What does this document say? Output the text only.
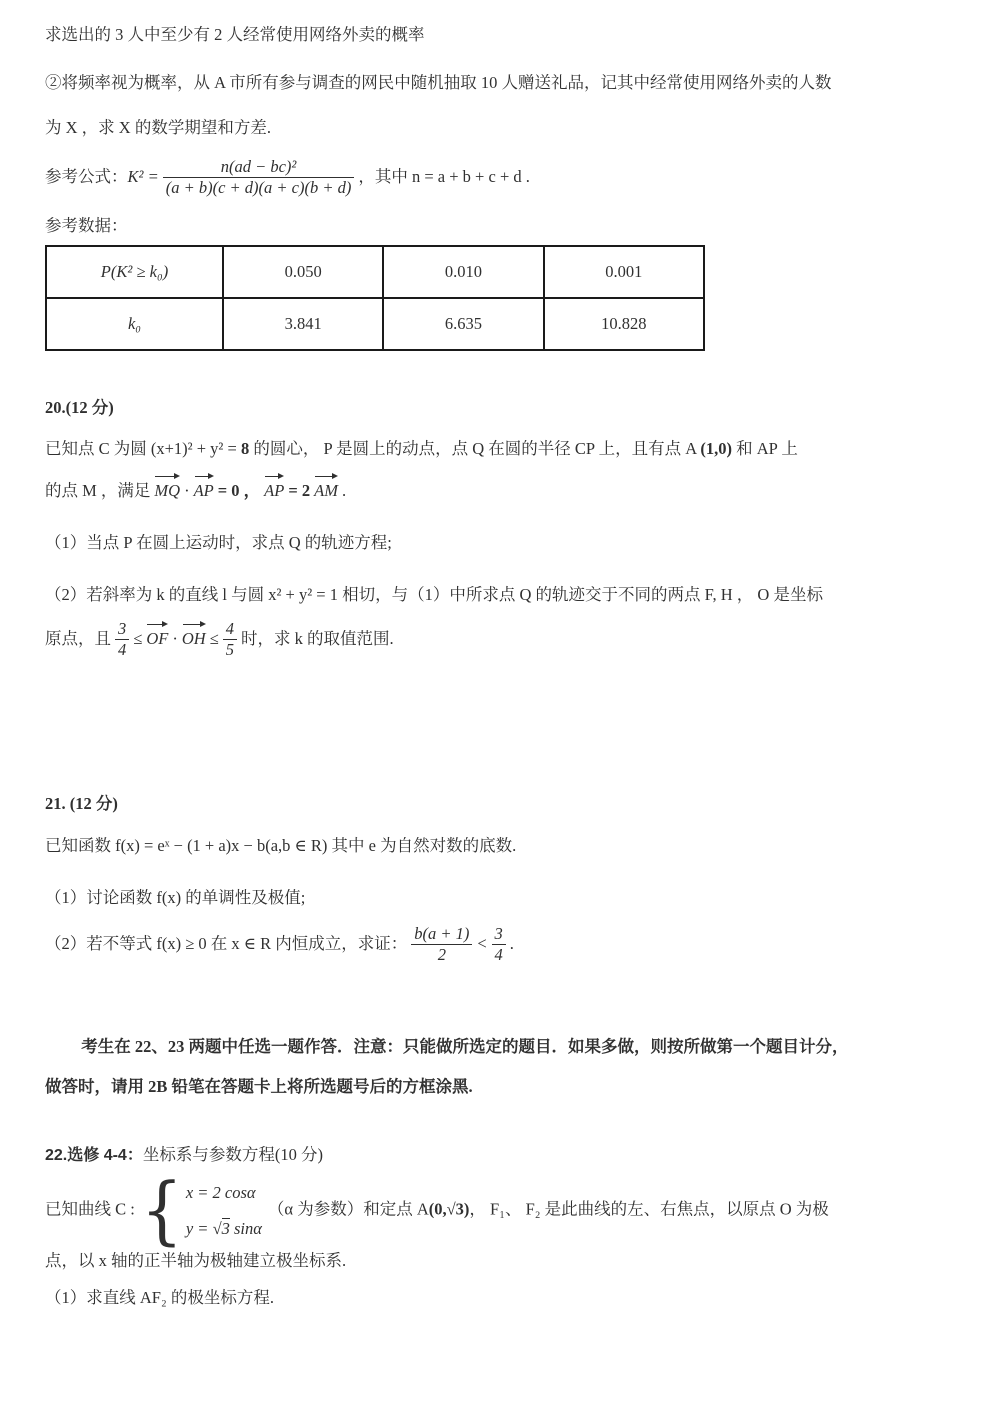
求选出的 3 人中至少有 2 人经常使用网络外卖的概率
②将频率视为概率，从 A 市所有参与调查的网民中随机抽取 10 人赠送礼品，记其中经常使用网络外卖的人数
为 X ，求 X 的数学期望和方差.
参考公式：$K^2 = \frac{\text{n(ad − bc)²}}{(a + b)(c + d)(a + c)(b + d)}$ ，其中 n = a + b + c + d .
参考数据：
P(K² ≥ k₀)	0.050	0.010	0.001
k₀	3.841	6.635	10.828
20.(12 分)
已知点 C 为圆 (x+1)² + y² = 8 的圆心， P 是圆上的动点，点 Q 在圆的半径 CP 上，且有点 A (1,0) 和 AP 上
的点 M ，满足 MQ · AP = 0 ， AP = 2 AM .
（1）当点 P 在圆上运动时，求点 Q 的轨迹方程;
（2）若斜率为 k 的直线 l 与圆 x² + y² = 1 相切，与（1）中所求点 Q 的轨迹交于不同的两点 F, H ， O 是坐标
原点，且 $\frac{3}{4}$ ≤ OF · OH ≤ $\frac{4}{5}$ 时，求 k 的取值范围.
21. (12 分)
已知函数 f(x) = eˣ − (1 + a)x − b(a,b ∈ R) 其中 e 为自然对数的底数.
（1）讨论函数 f(x) 的单调性及极值;
（2）若不等式 f(x) ≥ 0 在 x ∈ R 内恒成立，求证： $\frac{b(a + 1)}{2} < \frac{3}{4}$ .
考生在 22、23 两题中任选一题作答．注意：只能做所选定的题目．如果多做，则按所做第一个题目计分，
做答时，请用 2B 铅笔在答题卡上将所选题号后的方框涂黑.
22.选修 4-4：坐标系与参数方程(10 分)
已知曲线 C : { x = 2 cosα
y = √3 sinα
（α 为参数）和定点 A(0,√3)， F₁、 F₂ 是此曲线的左、右焦点，以原点 O 为极
点，以 x 轴的正半轴为极轴建立极坐标系.
（1）求直线 AF₂ 的极坐标方程.
